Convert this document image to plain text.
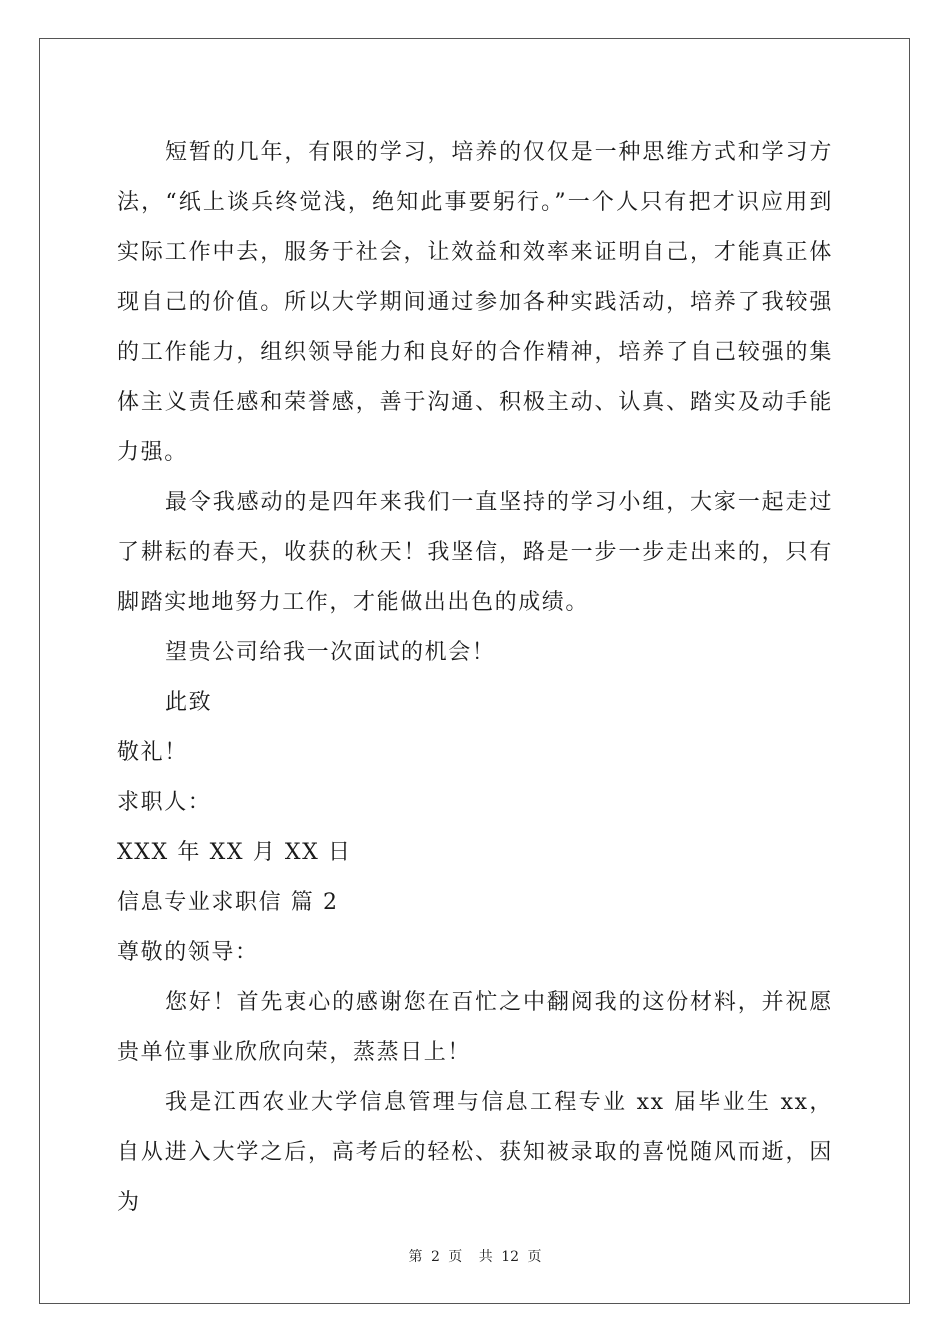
短暂的几年，有限的学习，培养的仅仅是一种思维方式和学习方法，“纸上谈兵终觉浅，绝知此事要躬行。”一个人只有把才识应用到实际工作中去，服务于社会，让效益和效率来证明自己，才能真正体现自己的价值。所以大学期间通过参加各种实践活动，培养了我较强的工作能力，组织领导能力和良好的合作精神，培养了自己较强的集体主义责任感和荣誉感，善于沟通、积极主动、认真、踏实及动手能力强。

最令我感动的是四年来我们一直坚持的学习小组，大家一起走过了耕耘的春天，收获的秋天！我坚信，路是一步一步走出来的，只有脚踏实地地努力工作，才能做出出色的成绩。

望贵公司给我一次面试的机会！

此致

敬礼！

求职人：

XXX 年 XX 月 XX 日

信息专业求职信 篇 2

尊敬的领导：

您好！首先衷心的感谢您在百忙之中翻阅我的这份材料，并祝愿贵单位事业欣欣向荣，蒸蒸日上！

我是江西农业大学信息管理与信息工程专业 xx 届毕业生 xx，自从进入大学之后，高考后的轻松、获知被录取的喜悦随风而逝，因为

第 2 页 共 12 页
